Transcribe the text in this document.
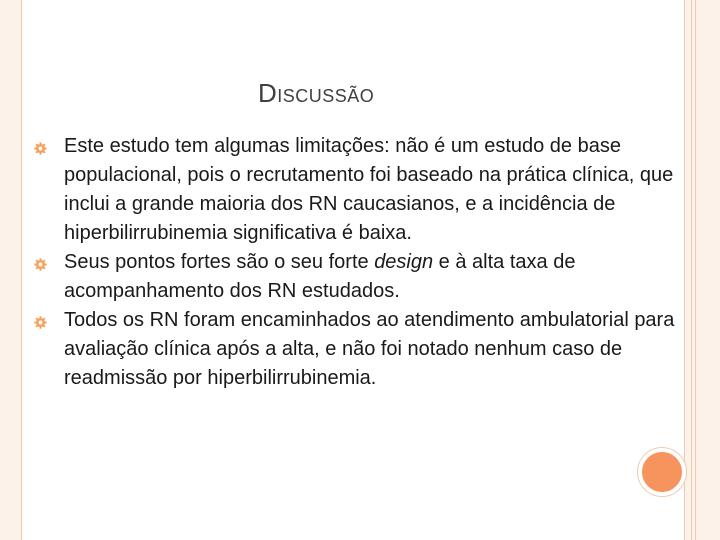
DISCUSSÃO
Este estudo tem algumas limitações: não é um estudo de base populacional, pois o recrutamento foi baseado na prática clínica, que inclui a grande maioria dos RN caucasianos, e a incidência de hiperbilirrubinemia significativa é baixa.
Seus pontos fortes são o seu forte design e à alta taxa de acompanhamento dos RN estudados.
Todos os RN foram encaminhados ao atendimento ambulatorial para avaliação clínica após a alta, e não foi notado nenhum caso de readmissão por hiperbilirrubinemia.
